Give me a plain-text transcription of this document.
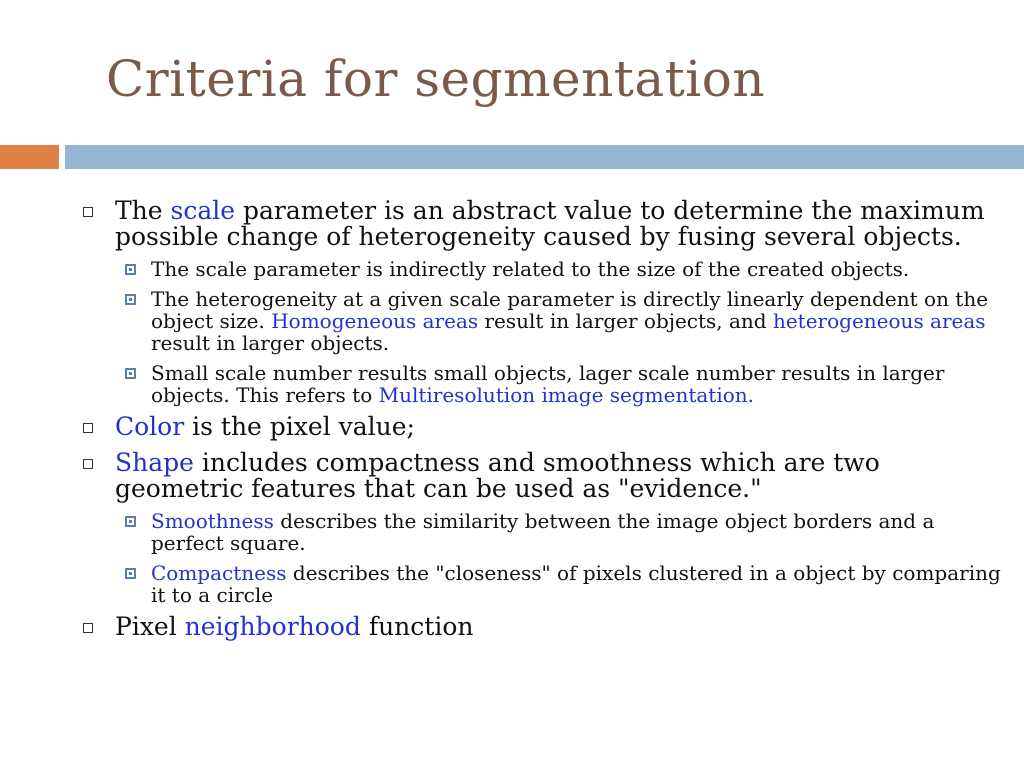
Criteria for segmentation
The scale parameter is an abstract value to determine the maximum possible change of heterogeneity caused by fusing several objects.
The scale parameter is indirectly related to the size of the created objects.
The heterogeneity at a given scale parameter is directly linearly dependent on the object size. Homogeneous areas result in larger objects, and heterogeneous areas result in larger objects.
Small scale number results small objects, lager scale number results in larger objects. This refers to Multiresolution image segmentation.
Color is the pixel value;
Shape includes compactness and smoothness which are two geometric features that can be used as "evidence."
Smoothness describes the similarity between the image object borders and a perfect square.
Compactness describes the "closeness" of pixels clustered in a object by comparing it to a circle
Pixel neighborhood function
